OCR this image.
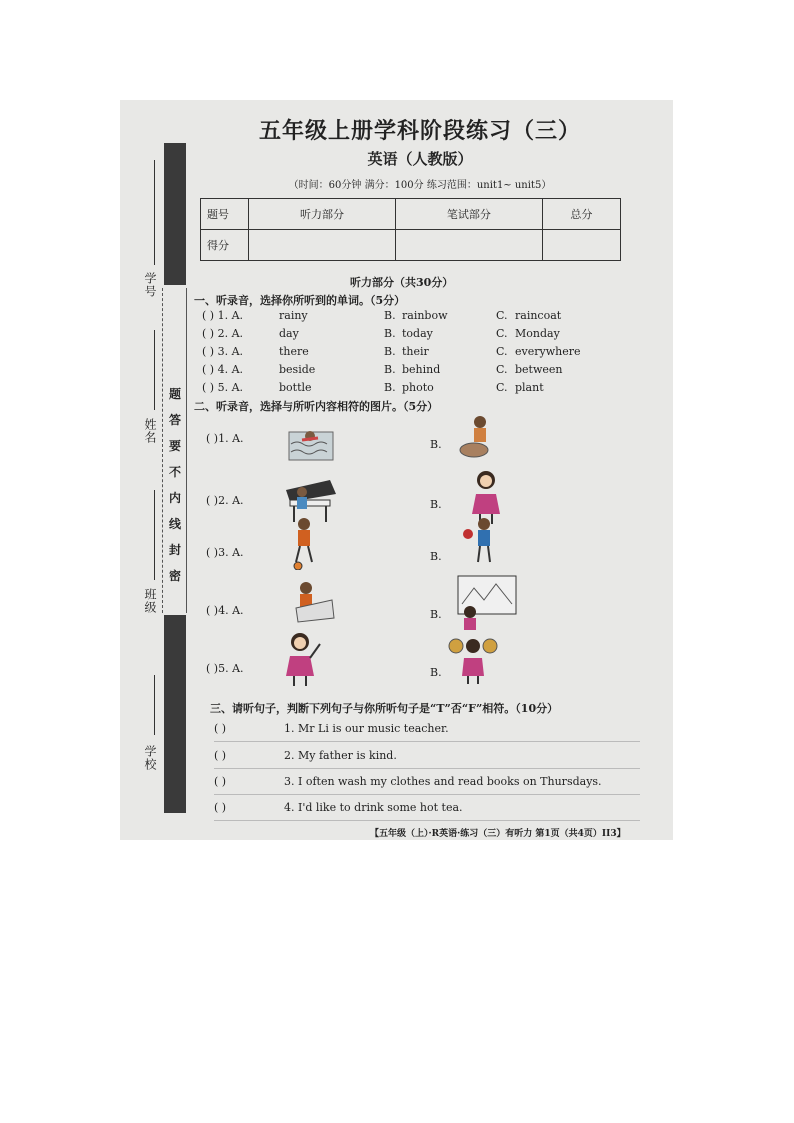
学校
班级
姓名
学号
密
封
线
内
不
要
答
题
五年级上册学科阶段练习（三）
英语（人教版）
（时间：60分钟 满分：100分 练习范围：unit1~ unit5）
题号	听力部分	笔试部分	总分
得分			
听力部分（共30分）
一、听录音，选择你所听到的单词。（5分）
( ) 1. A.	rainy	B. rainbow	C. raincoat
( ) 2. A.	day	B. today	C. Monday
( ) 3. A.	there	B. their	C. everywhere
( ) 4. A.	beside	B. behind	C. between
( ) 5. A.	bottle	B. photo	C. plant
二、听录音，选择与所听内容相符的图片。（5分）
( )1. A.	B.
( )2. A.	B.
( )3. A.	B.
( )4. A.	B.
( )5. A.	B.
三、请听句子，判断下列句子与你所听句子是“T”否“F”相符。（10分）
( )	1. Mr Li is our music teacher.
( )	2. My father is kind.
( )	3. I often wash my clothes and read books on Thursdays.
( )	4. I'd like to drink some hot tea.
【五年级（上）·R英语·练习（三）有听力 第1页（共4页）II3】
